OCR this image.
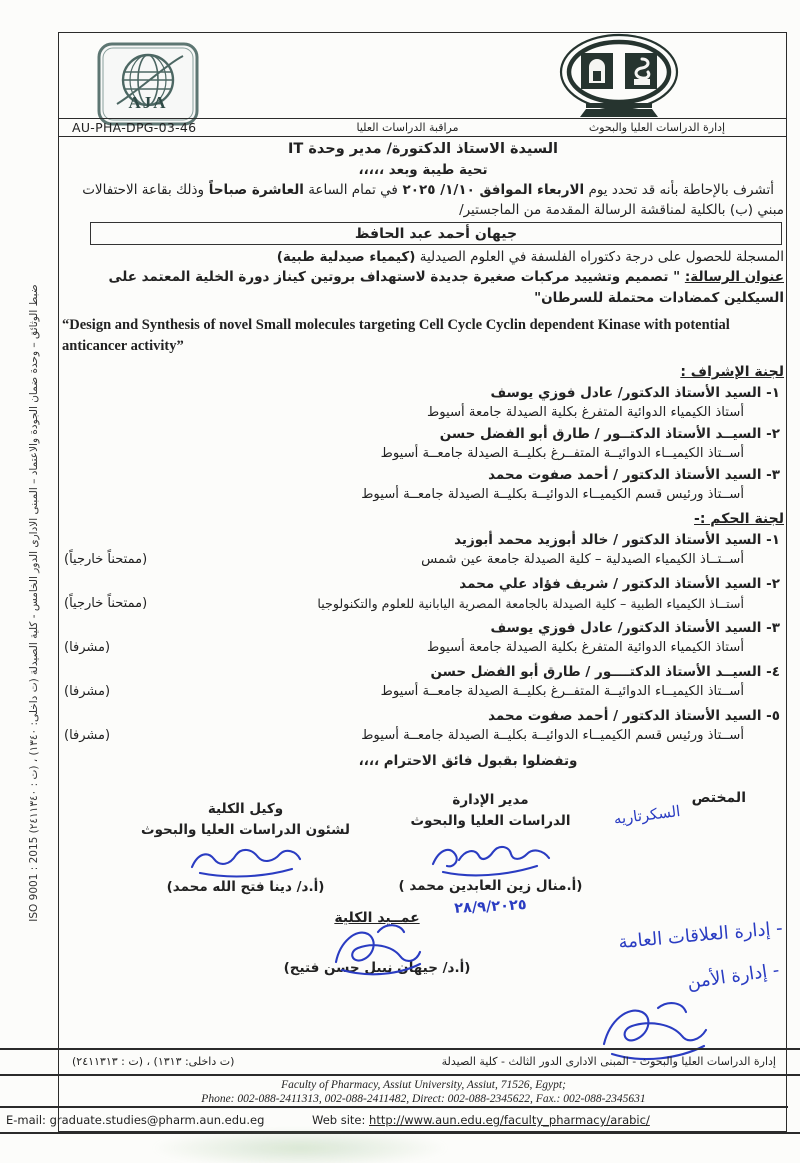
AJA
AU-PHA-DPG-03-46	مراقبة الدراسات العليا	إدارة الدراسات العليا والبحوث
ضبط الوثائق – وحدة ضمان الجودة والاعتماد – المبنى الادارى الدور الخامس - كلية الصيدلة (ت داخلى: ١٣٤٠) ، (ت : ٢٤١١٣٤٠) ISO 9001 : 2015
السيدة الاستاذ الدكتورة/ مدير وحدة IT
تحية طيبة وبعد ،،،،،
أتشرف بالإحاطة بأنه قد تحدد يوم الاربعاء الموافق ١/١٠/ ٢٠٢٥ في تمام الساعة العاشرة صباحاً وذلك بقاعة الاحتفالات مبني (ب) بالكلية لمناقشة الرسالة المقدمة من الماجستير/
جيهان أحمد عبد الحافظ
المسجلة للحصول على درجة دكتوراه الفلسفة في العلوم الصيدلية (كيمياء صيدلية طبية)
عنوان الرسالة: " تصميم وتشييد مركبات صغيرة جديدة لاستهداف بروتين كيناز دورة الخلية المعتمد على السيكلين كمضادات محتملة للسرطان"
“Design and Synthesis of novel Small molecules targeting Cell Cycle Cyclin dependent Kinase with potential anticancer activity”
لجنة الإشراف :
١- السيد الأستاذ الدكتور/ عادل فوزي يوسف
أستاذ الكيمياء الدوائية المتفرغ بكلية الصيدلة جامعة أسيوط
٢- السيــد الأستاذ الدكتــور / طارق أبو الفضل حسن
أســتاذ الكيميــاء الدوائيــة المتفــرغ بكليــة الصيدلة جامعــة أسيوط
٣- السيد الأستاذ الدكتور / أحمد صفوت محمد
أســتاذ ورئيس قسم الكيميــاء الدوائيــة بكليــة الصيدلة جامعــة أسيوط
لجنة الحكم :-
١- السيد الأستاذ الدكتور / خالد أبوزيد محمد أبوزيد
أســتــاذ الكيمياء الصيدلية – كلية الصيدلة جامعة عين شمس
(ممتحناً خارجياً)
٢- السيد الأستاذ الدكتور / شريف فؤاد علي محمد
أستــاذ الكيمياء الطبية – كلية الصيدلة بالجامعة المصرية اليابانية للعلوم والتكنولوجيا
(ممتحناً خارجياً)
٣- السيد الأستاذ الدكتور/ عادل فوزي يوسف
أستاذ الكيمياء الدوائية المتفرغ بكلية الصيدلة جامعة أسيوط
(مشرفا)
٤- السيــد الأستاذ الدكتــــور / طارق أبو الفضل حسن
أســتاذ الكيميــاء الدوائيــة المتفــرغ بكليــة الصيدلة جامعــة أسيوط
(مشرفا)
٥- السيد الأستاذ الدكتور / أحمد صفوت محمد
أســتاذ ورئيس قسم الكيميــاء الدوائيــة بكليــة الصيدلة جامعــة أسيوط
(مشرفا)
وتفضلوا بقبول فائق الاحترام ،،،،
المختص
السكرتاريه
مدير الإدارة
الدراسات العليا والبحوث
(أ.منال زين العابدين محمد )
٢٨/٩/٢٠٢٥
وكيل الكلية
لشئون الدراسات العليا والبحوث
(أ.د/ دينا فتح الله محمد)
عمــيد الكلية
(أ.د/ جيهان نبيل حسن فتيح)
- إدارة العلاقات العامة
- إدارة الأمن
إدارة الدراسات العليا والبحوث - المبنى الادارى الدور الثالث - كلية الصيدلة
(ت داخلى: ١٣١٣) ، (ت : ٢٤١١٣١٣)
Faculty of Pharmacy, Assiut University, Assiut, 71526, Egypt;
Phone: 002-088-2411313, 002-088-2411482, Direct: 002-088-2345622, Fax.: 002-088-2345631
E-mail: graduate.studies@pharm.aun.edu.eg	Web site: http://www.aun.edu.eg/faculty_pharmacy/arabic/
